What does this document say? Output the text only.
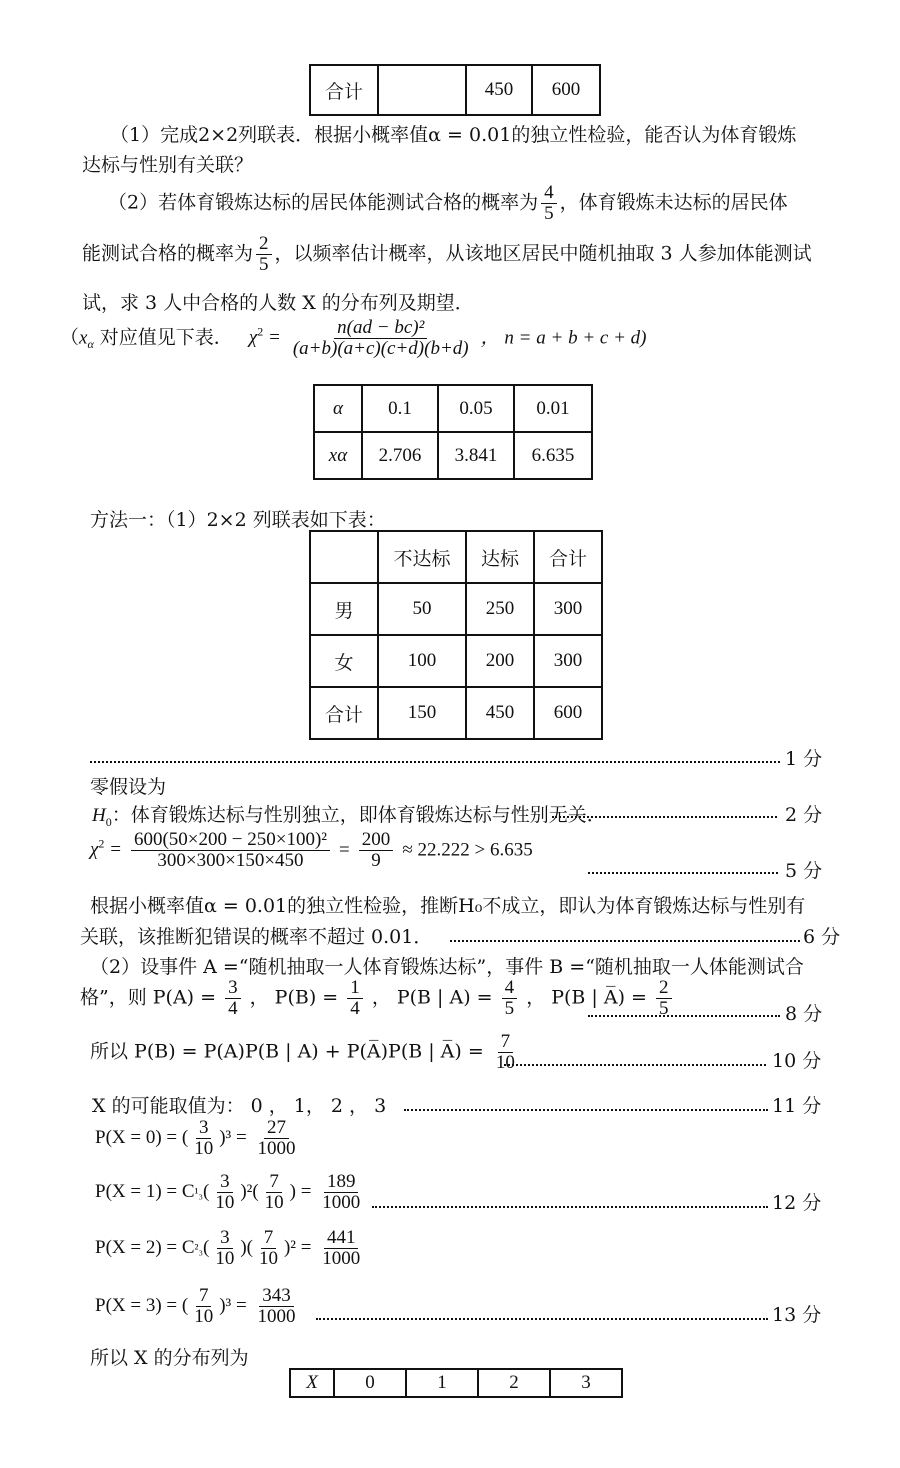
合计		450	600
（1）完成2×2列联表．根据小概率值α = 0.01的独立性检验，能否认为体育锻炼
达标与性别有关联？
（2）若体育锻炼达标的居民体能测试合格的概率为 $\frac{4}{5}$ ，体育锻炼未达标的居民体
能测试合格的概率为 $\frac{2}{5}$ ，以频率估计概率，从该地区居民中随机抽取 3 人参加体能测试
试，求 3 人中合格的人数 X 的分布列及期望．
（$x_\alpha$ 对应值见下表． $\chi^2 = \frac{\text{n(ad − bc)²}}{(a+b)(a+c)(c+d)(b+d)}$ ， n = a + b + c + d)
α	0.1	0.05	0.01
xα	2.706	3.841	6.635
方法一：（1）2×2 列联表如下表：
	不达标	达标	合计
男	50	250	300
女	100	200	300
合计	150	450	600
1 分
零假设为
$H_0$：体育锻炼达标与性别独立，即体育锻炼达标与性别无关．	2 分
$\chi^2 = \frac{\text{600(50×200 − 250×100)²}}{300\times 300\times 150\times 450} = \frac{200}{9} \approx 22.222 > 6.635$
5 分
根据小概率值α = 0.01的独立性检验，推断H₀不成立，即认为体育锻炼达标与性别有
关联，该推断犯错误的概率不超过 0.01．	6 分
（2）设事件 A =“随机抽取一人体育锻炼达标”，事件 B =“随机抽取一人体能测试合
格”，则 $P(A) = \frac{3}{4}$ ， $P(B) = \frac{1}{4}$ ， P(B | $A) = \frac{4}{5}$ ， P(B | A̅) = $\frac{2}{5}$	8 分
所以 P(B) = P(A)P(B | A) + P(A̅)P(B | A̅) = $\frac{7}{10}$	10 分
X 的可能取值为： 0 ， 1， 2 ， 3	11 分
P(X = 0) = ( $\frac{3}{10} )^3 = \frac{27}{1000}$
$P(X = 1) = C^1_3( \frac{3}{10} )^2( \frac{7}{10}$ ) = $\frac{189}{1000}$	12 分
$P(X = 2) = C^2_3( \frac{3}{10}$ )( $\frac{7}{10} )^2 = \frac{441}{1000}$
P(X = 3) = ( $\frac{7}{10} )^3 = \frac{343}{1000}$	13 分
所以 X 的分布列为
X	0	1	2	3
